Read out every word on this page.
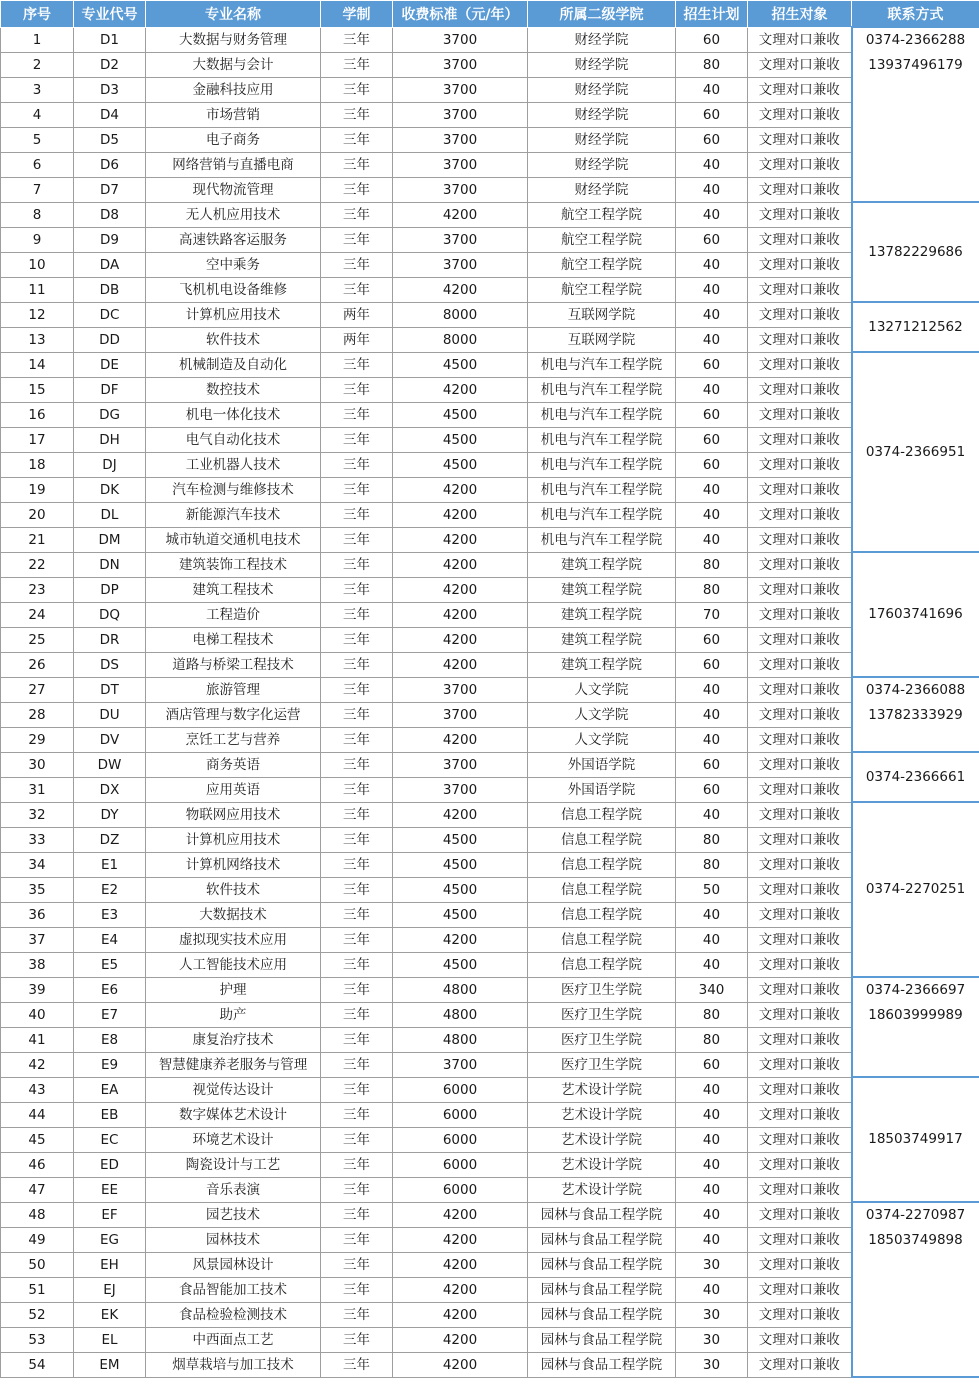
序号	专业代号	专业名称	学制	收费标准（元/年）	所属二级学院	招生计划	招生对象	联系方式
1	D1	大数据与财务管理	三年	3700	财经学院	60	文理对口兼收	0374-2366288
13937496179

2	D2	大数据与会计	三年	3700	财经学院	80	文理对口兼收	
3	D3	金融科技应用	三年	3700	财经学院	40	文理对口兼收	
4	D4	市场营销	三年	3700	财经学院	60	文理对口兼收	
5	D5	电子商务	三年	3700	财经学院	60	文理对口兼收	
6	D6	网络营销与直播电商	三年	3700	财经学院	40	文理对口兼收	
7	D7	现代物流管理	三年	3700	财经学院	40	文理对口兼收	
8	D8	无人机应用技术	三年	4200	航空工程学院	40	文理对口兼收	13782229686

9	D9	高速铁路客运服务	三年	3700	航空工程学院	60	文理对口兼收	
10	DA	空中乘务	三年	3700	航空工程学院	40	文理对口兼收	
11	DB	飞机机电设备维修	三年	4200	航空工程学院	40	文理对口兼收	
12	DC	计算机应用技术	两年	8000	互联网学院	40	文理对口兼收	13271212562

13	DD	软件技术	两年	8000	互联网学院	40	文理对口兼收	
14	DE	机械制造及自动化	三年	4500	机电与汽车工程学院	60	文理对口兼收	0374-2366951

15	DF	数控技术	三年	4200	机电与汽车工程学院	40	文理对口兼收	
16	DG	机电一体化技术	三年	4500	机电与汽车工程学院	60	文理对口兼收	
17	DH	电气自动化技术	三年	4500	机电与汽车工程学院	60	文理对口兼收	
18	DJ	工业机器人技术	三年	4500	机电与汽车工程学院	60	文理对口兼收	
19	DK	汽车检测与维修技术	三年	4200	机电与汽车工程学院	40	文理对口兼收	
20	DL	新能源汽车技术	三年	4200	机电与汽车工程学院	40	文理对口兼收	
21	DM	城市轨道交通机电技术	三年	4200	机电与汽车工程学院	40	文理对口兼收	
22	DN	建筑装饰工程技术	三年	4200	建筑工程学院	80	文理对口兼收	17603741696

23	DP	建筑工程技术	三年	4200	建筑工程学院	80	文理对口兼收	
24	DQ	工程造价	三年	4200	建筑工程学院	70	文理对口兼收	
25	DR	电梯工程技术	三年	4200	建筑工程学院	60	文理对口兼收	
26	DS	道路与桥梁工程技术	三年	4200	建筑工程学院	60	文理对口兼收	
27	DT	旅游管理	三年	3700	人文学院	40	文理对口兼收	0374-2366088
13782333929

28	DU	酒店管理与数字化运营	三年	3700	人文学院	40	文理对口兼收	
29	DV	烹饪工艺与营养	三年	4200	人文学院	40	文理对口兼收	
30	DW	商务英语	三年	3700	外国语学院	60	文理对口兼收	0374-2366661

31	DX	应用英语	三年	3700	外国语学院	60	文理对口兼收	
32	DY	物联网应用技术	三年	4200	信息工程学院	40	文理对口兼收	0374-2270251

33	DZ	计算机应用技术	三年	4500	信息工程学院	80	文理对口兼收	
34	E1	计算机网络技术	三年	4500	信息工程学院	80	文理对口兼收	
35	E2	软件技术	三年	4500	信息工程学院	50	文理对口兼收	
36	E3	大数据技术	三年	4500	信息工程学院	40	文理对口兼收	
37	E4	虚拟现实技术应用	三年	4200	信息工程学院	40	文理对口兼收	
38	E5	人工智能技术应用	三年	4500	信息工程学院	40	文理对口兼收	
39	E6	护理	三年	4800	医疗卫生学院	340	文理对口兼收	0374-2366697
18603999989

40	E7	助产	三年	4800	医疗卫生学院	80	文理对口兼收	
41	E8	康复治疗技术	三年	4800	医疗卫生学院	80	文理对口兼收	
42	E9	智慧健康养老服务与管理	三年	3700	医疗卫生学院	60	文理对口兼收	
43	EA	视觉传达设计	三年	6000	艺术设计学院	40	文理对口兼收	18503749917

44	EB	数字媒体艺术设计	三年	6000	艺术设计学院	40	文理对口兼收	
45	EC	环境艺术设计	三年	6000	艺术设计学院	40	文理对口兼收	
46	ED	陶瓷设计与工艺	三年	6000	艺术设计学院	40	文理对口兼收	
47	EE	音乐表演	三年	6000	艺术设计学院	40	文理对口兼收	
48	EF	园艺技术	三年	4200	园林与食品工程学院	40	文理对口兼收	0374-2270987
18503749898

49	EG	园林技术	三年	4200	园林与食品工程学院	40	文理对口兼收	
50	EH	风景园林设计	三年	4200	园林与食品工程学院	30	文理对口兼收	
51	EJ	食品智能加工技术	三年	4200	园林与食品工程学院	40	文理对口兼收	
52	EK	食品检验检测技术	三年	4200	园林与食品工程学院	30	文理对口兼收	
53	EL	中西面点工艺	三年	4200	园林与食品工程学院	30	文理对口兼收	
54	EM	烟草栽培与加工技术	三年	4200	园林与食品工程学院	30	文理对口兼收	
